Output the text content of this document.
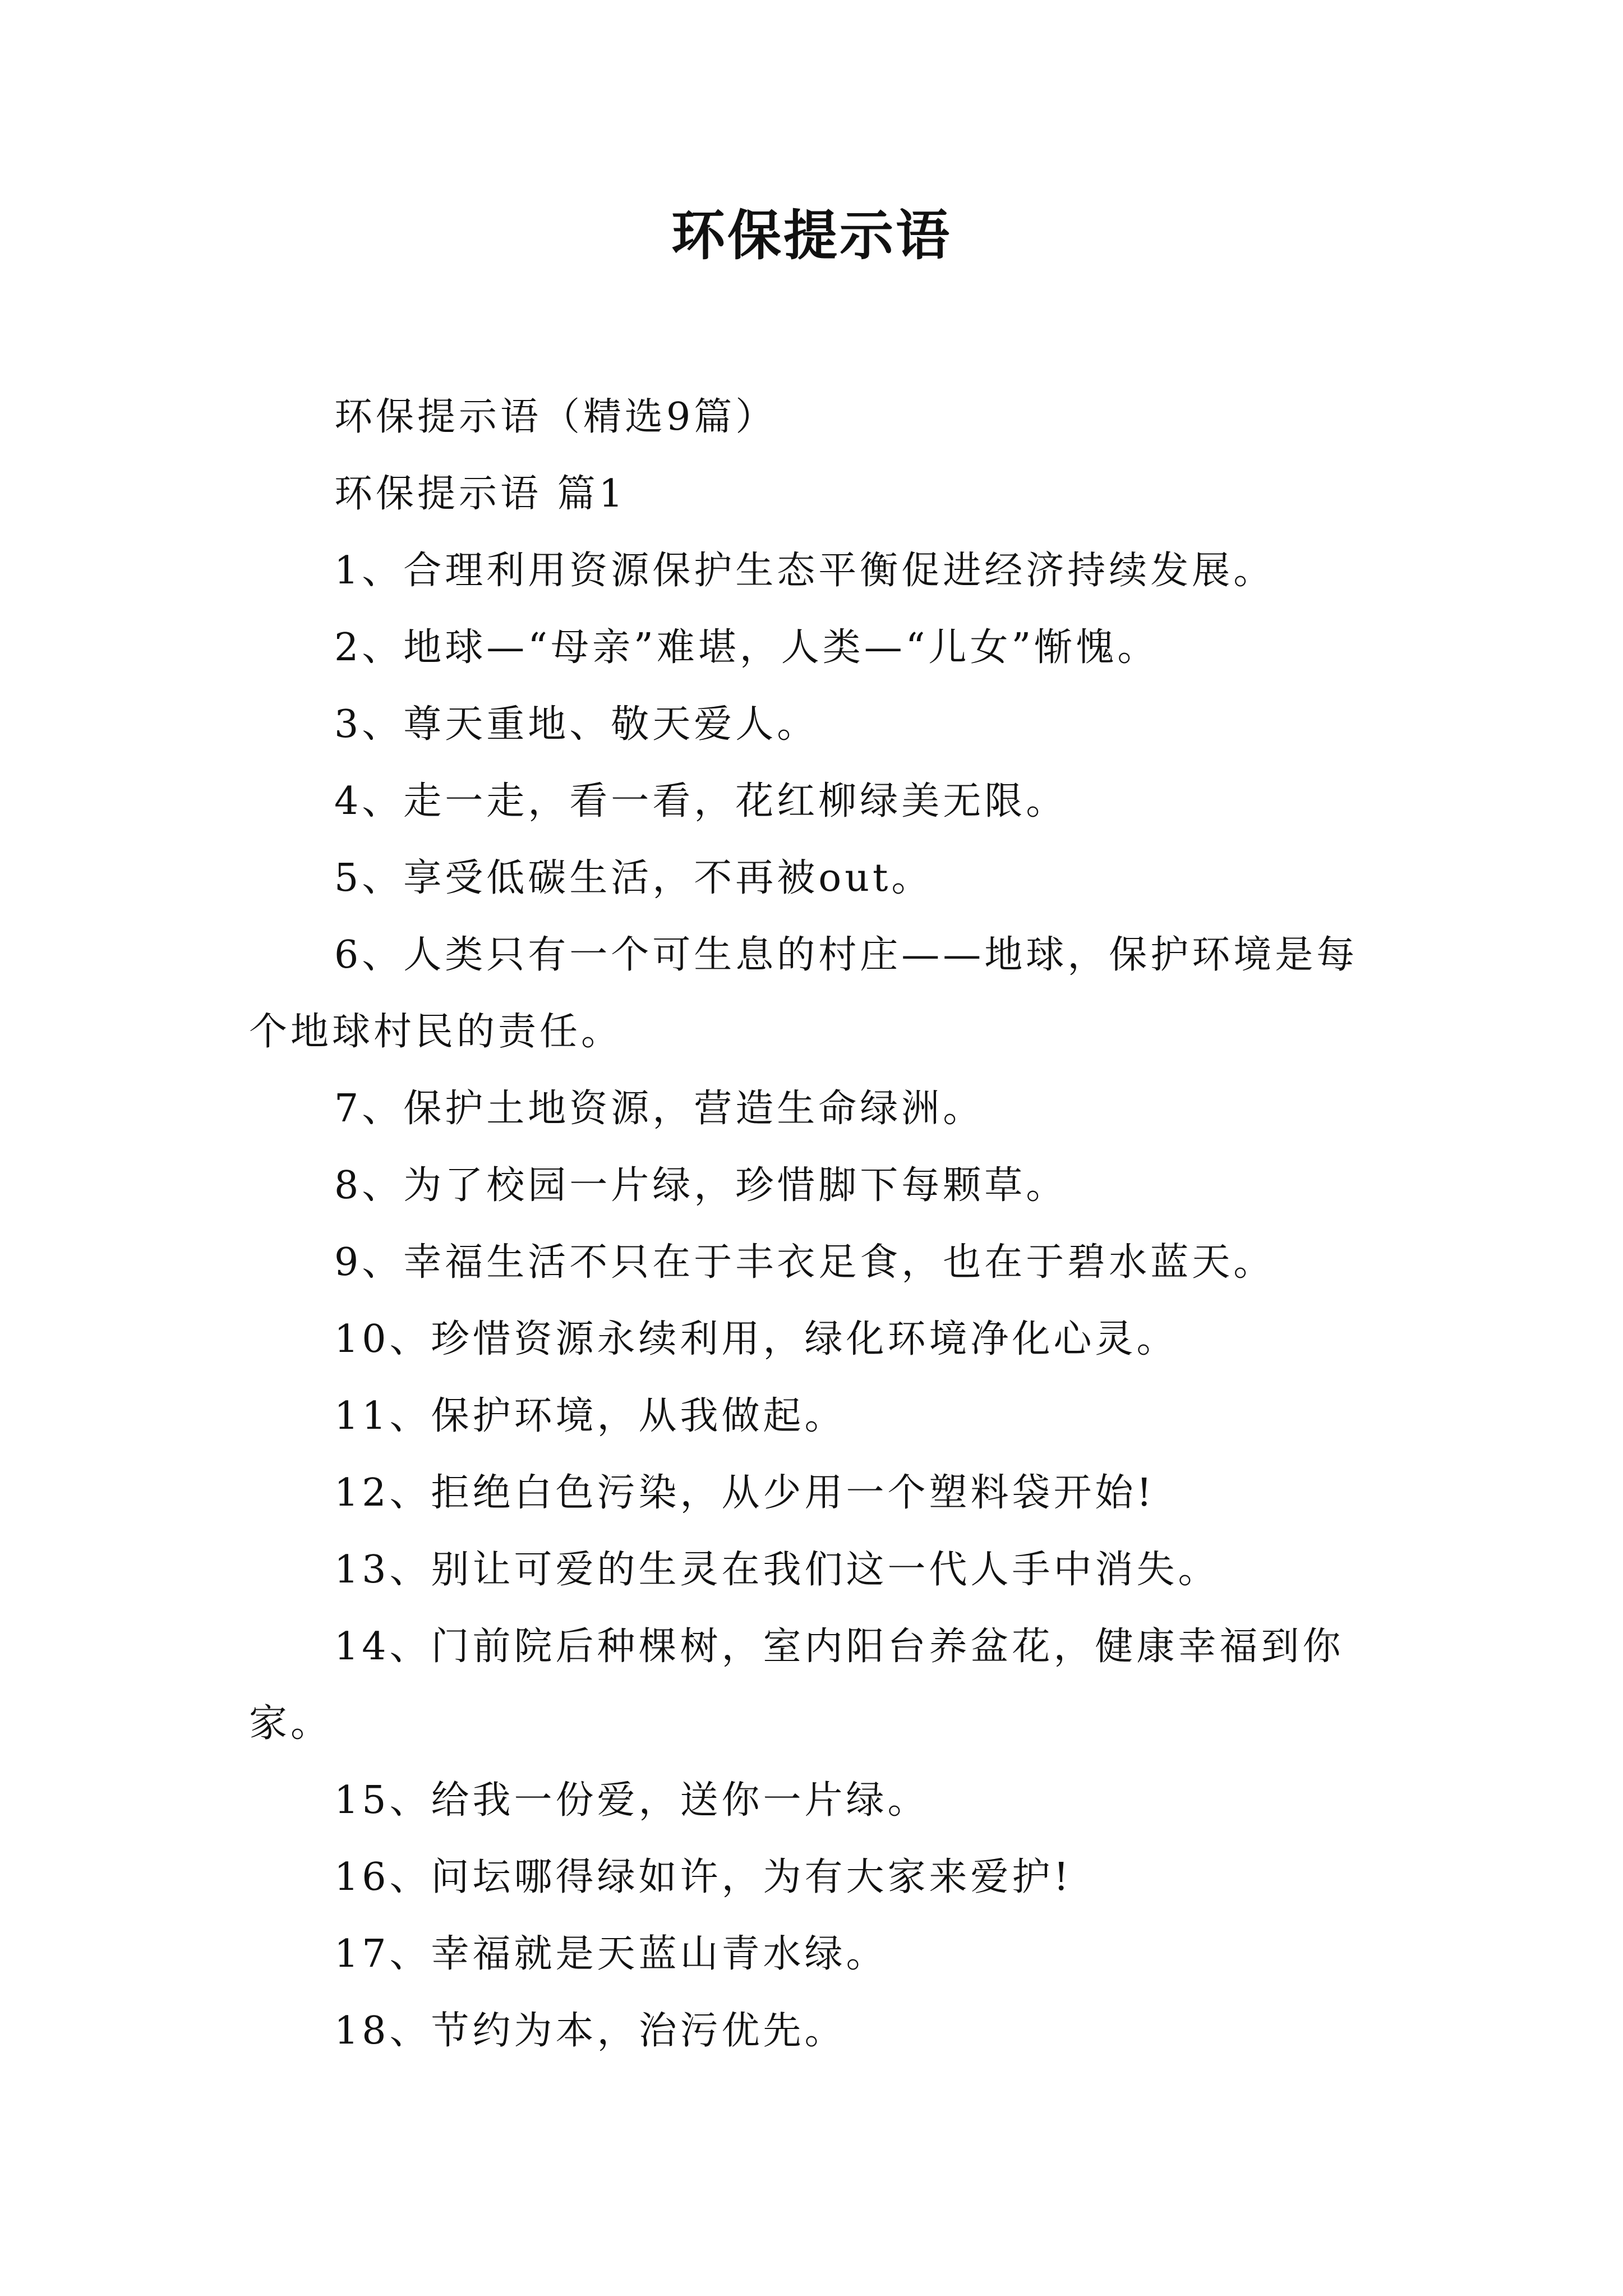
环保提示语

环保提示语（精选9篇）

环保提示语 篇1

1、合理利用资源保护生态平衡促进经济持续发展。

2、地球—“母亲”难堪，人类—“儿女”惭愧。

3、尊天重地、敬天爱人。

4、走一走，看一看，花红柳绿美无限。

5、享受低碳生活，不再被out。

6、人类只有一个可生息的村庄——地球，保护环境是每个地球村民的责任。

7、保护土地资源，营造生命绿洲。

8、为了校园一片绿，珍惜脚下每颗草。

9、幸福生活不只在于丰衣足食，也在于碧水蓝天。

10、珍惜资源永续利用，绿化环境净化心灵。

11、保护环境，从我做起。

12、拒绝白色污染，从少用一个塑料袋开始!

13、别让可爱的生灵在我们这一代人手中消失。

14、门前院后种棵树，室内阳台养盆花，健康幸福到你家。

15、给我一份爱，送你一片绿。

16、问坛哪得绿如许，为有大家来爱护!

17、幸福就是天蓝山青水绿。

18、节约为本，治污优先。
